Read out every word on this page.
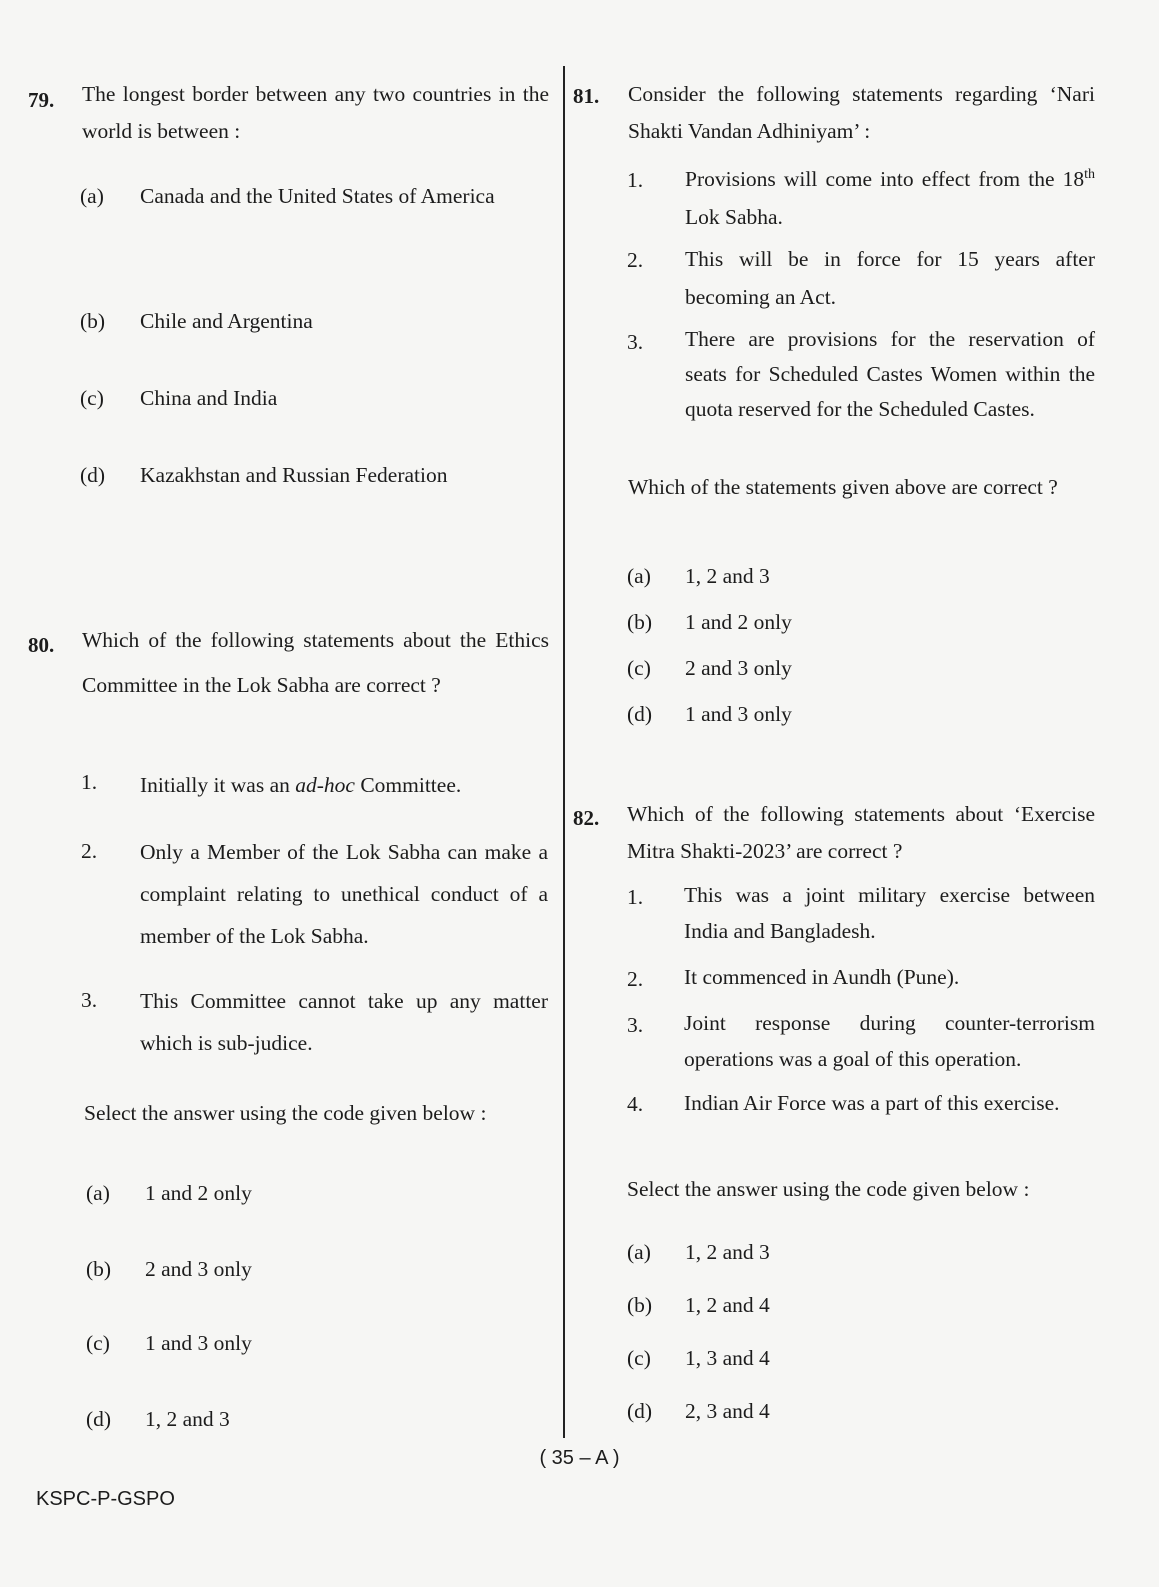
79. The longest border between any two countries in the world is between :
(a) Canada and the United States of America
(b) Chile and Argentina
(c) China and India
(d) Kazakhstan and Russian Federation
80. Which of the following statements about the Ethics Committee in the Lok Sabha are correct ?
1. Initially it was an ad-hoc Committee.
2. Only a Member of the Lok Sabha can make a complaint relating to unethical conduct of a member of the Lok Sabha.
3. This Committee cannot take up any matter which is sub-judice.
Select the answer using the code given below :
(a) 1 and 2 only
(b) 2 and 3 only
(c) 1 and 3 only
(d) 1, 2 and 3
81. Consider the following statements regarding ‘Nari Shakti Vandan Adhiniyam’ :
1. Provisions will come into effect from the 18th Lok Sabha.
2. This will be in force for 15 years after becoming an Act.
3. There are provisions for the reservation of seats for Scheduled Castes Women within the quota reserved for the Scheduled Castes.
Which of the statements given above are correct ?
(a) 1, 2 and 3
(b) 1 and 2 only
(c) 2 and 3 only
(d) 1 and 3 only
82. Which of the following statements about ‘Exercise Mitra Shakti-2023’ are correct ?
1. This was a joint military exercise between India and Bangladesh.
2. It commenced in Aundh (Pune).
3. Joint response during counter-terrorism operations was a goal of this operation.
4. Indian Air Force was a part of this exercise.
Select the answer using the code given below :
(a) 1, 2 and 3
(b) 1, 2 and 4
(c) 1, 3 and 4
(d) 2, 3 and 4
( 35 – A )
KSPC-P-GSPO
